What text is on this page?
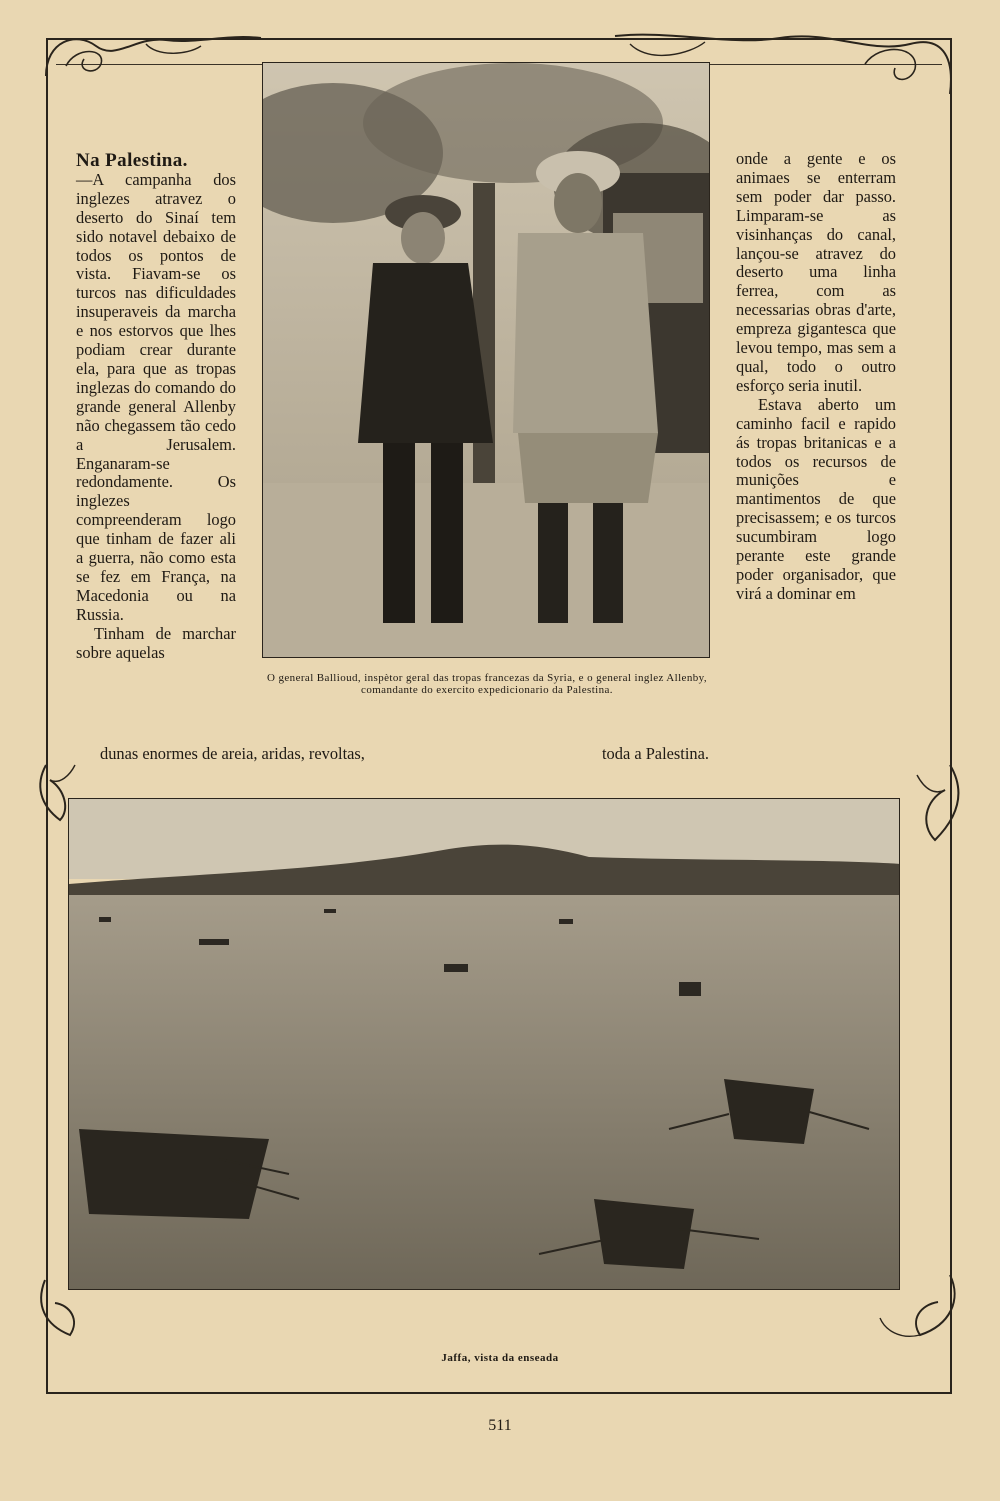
Na Palestina.

—A campanha dos inglezes atravez o deserto do Sinaí tem sido notavel debaixo de todos os pontos de vista. Fiavam-se os turcos nas dificuldades insuperaveis da marcha e nos estorvos que lhes podiam crear durante ela, para que as tropas inglezas do comando do grande general Allenby não chegassem tão cedo a Jerusalem. Enganaram-se redondamente. Os inglezes compreenderam logo que tinham de fazer ali a guerra, não como esta se fez em França, na Macedonia ou na Russia.

Tinham de marchar sobre aquelas

onde a gente e os animaes se enterram sem poder dar passo. Limparam-se as visinhanças do canal, lançou-se atravez do deserto uma linha ferrea, com as necessarias obras d'arte, empreza gigantesca que levou tempo, mas sem a qual, todo o outro esforço seria inutil.

Estava aberto um caminho facil e rapido ás tropas britanicas e a todos os recursos de munições e mantimentos de que precisassem; e os turcos sucumbiram logo perante este grande poder organisador, que virá a dominar em

O general Ballioud, inspètor geral das tropas francezas da Syria, e o general inglez Allenby, comandante do exercito expedicionario da Palestina.
dunas enormes de areia, aridas, revoltas,	toda a Palestina.
Jaffa, vista da enseada
511
